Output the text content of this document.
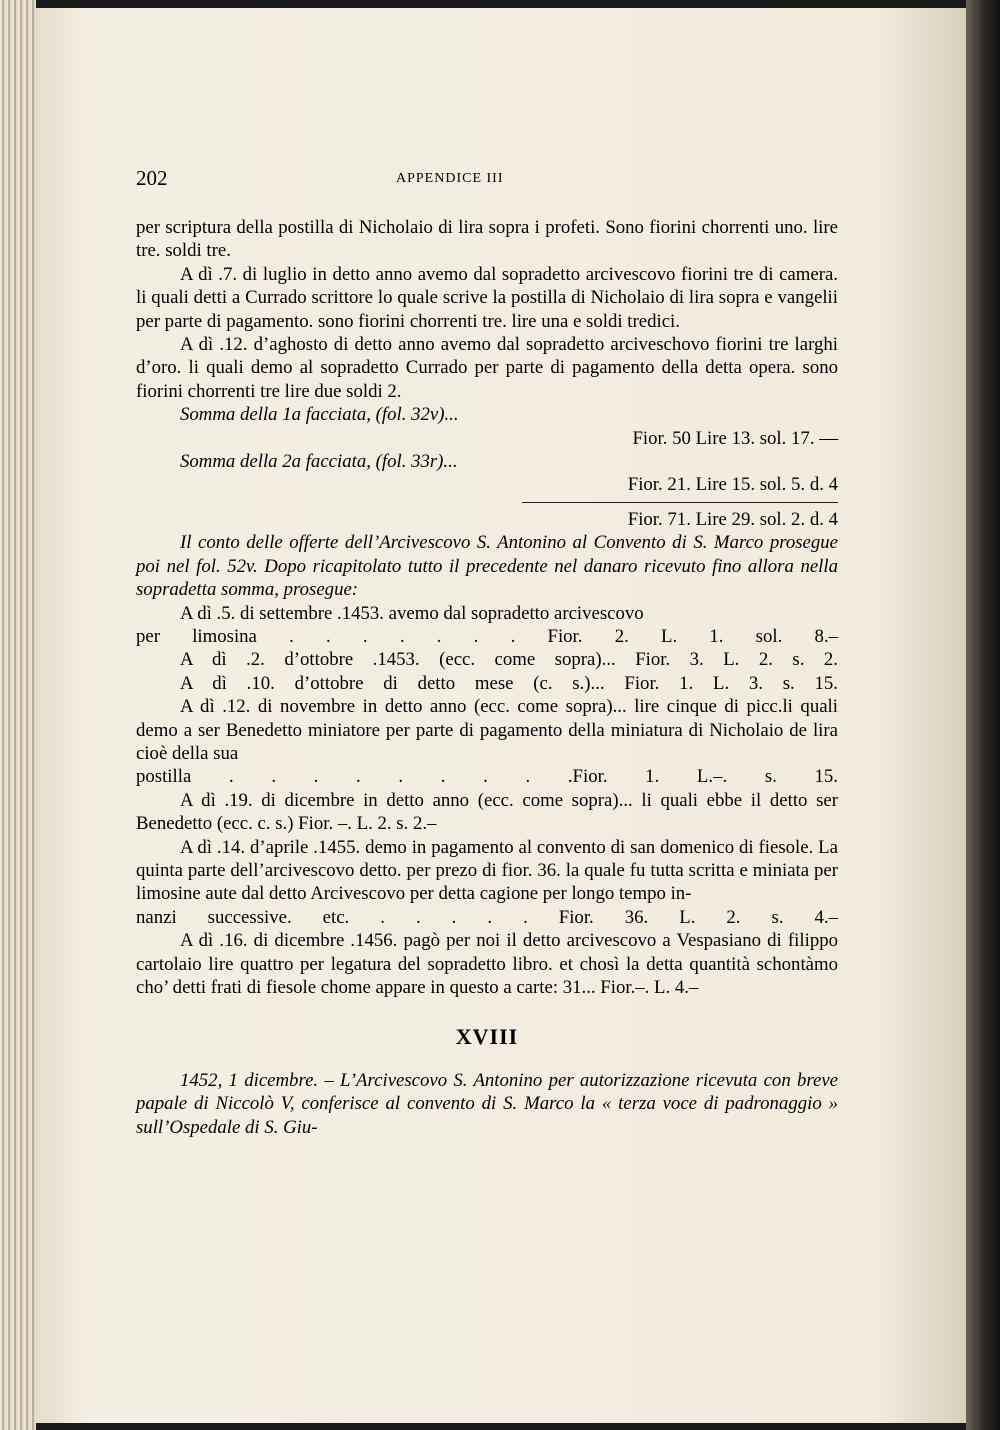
202	APPENDICE III

per scriptura della postilla di Nicholaio di lira sopra i profeti. Sono fiorini chorrenti uno. lire tre. soldi tre.

A dì .7. di luglio in detto anno avemo dal sopradetto arcivescovo fiorini tre di camera. li quali detti a Currado scrittore lo quale scrive la postilla di Nicholaio di lira sopra e vangelii per parte di pagamento. sono fiorini chorrenti tre. lire una e soldi tredici.

A dì .12. d’aghosto di detto anno avemo dal sopradetto arciveschovo fiorini tre larghi d’oro. li quali demo al sopradetto Currado per parte di pagamento della detta opera. sono fiorini chorrenti tre lire due soldi 2.

Somma della 1a facciata, (fol. 32v)...

Fior. 50 Lire 13. sol. 17. —

Somma della 2a facciata, (fol. 33r)...

Fior. 21. Lire 15. sol. 5. d. 4

Fior. 71. Lire 29. sol. 2. d. 4

Il conto delle offerte dell’Arcivescovo S. Antonino al Convento di S. Marco prosegue poi nel fol. 52v. Dopo ricapitolato tutto il precedente nel danaro ricevuto fino allora nella sopradetta somma, prosegue:

A dì .5. di settembre .1453. avemo dal sopradetto arcivescovo

per limosina . . . . . . . Fior. 2. L. 1. sol. 8.–

A dì .2. d’ottobre .1453. (ecc. come sopra)... Fior. 3. L. 2. s. 2.

A dì .10. d’ottobre di detto mese (c. s.)... Fior. 1. L. 3. s. 15.

A dì .12. di novembre in detto anno (ecc. come sopra)... lire cinque di picc.li quali demo a ser Benedetto miniatore per parte di pagamento della miniatura di Nicholaio de lira cioè della sua

postilla . . . . . . . . .Fior. 1. L.–. s. 15.

A dì .19. di dicembre in detto anno (ecc. come sopra)... li quali ebbe il detto ser Benedetto (ecc. c. s.) Fior. –. L. 2. s. 2.–

A dì .14. d’aprile .1455. demo in pagamento al convento di san domenico di fiesole. La quinta parte dell’arcivescovo detto. per prezo di fior. 36. la quale fu tutta scritta e miniata per limosine aute dal detto Arcivescovo per detta cagione per longo tempo in-

nanzi successive. etc. . . . . . Fior. 36. L. 2. s. 4.–

A dì .16. di dicembre .1456. pagò per noi il detto arcivescovo a Vespasiano di filippo cartolaio lire quattro per legatura del sopradetto libro. et chosì la detta quantità schontàmo cho’ detti frati di fiesole chome appare in questo a carte: 31... Fior.–. L. 4.–

XVIII

1452, 1 dicembre. – L’Arcivescovo S. Antonino per autorizzazione ricevuta con breve papale di Niccolò V, conferisce al convento di S. Marco la « terza voce di padronaggio » sull’Ospedale di S. Giu-
